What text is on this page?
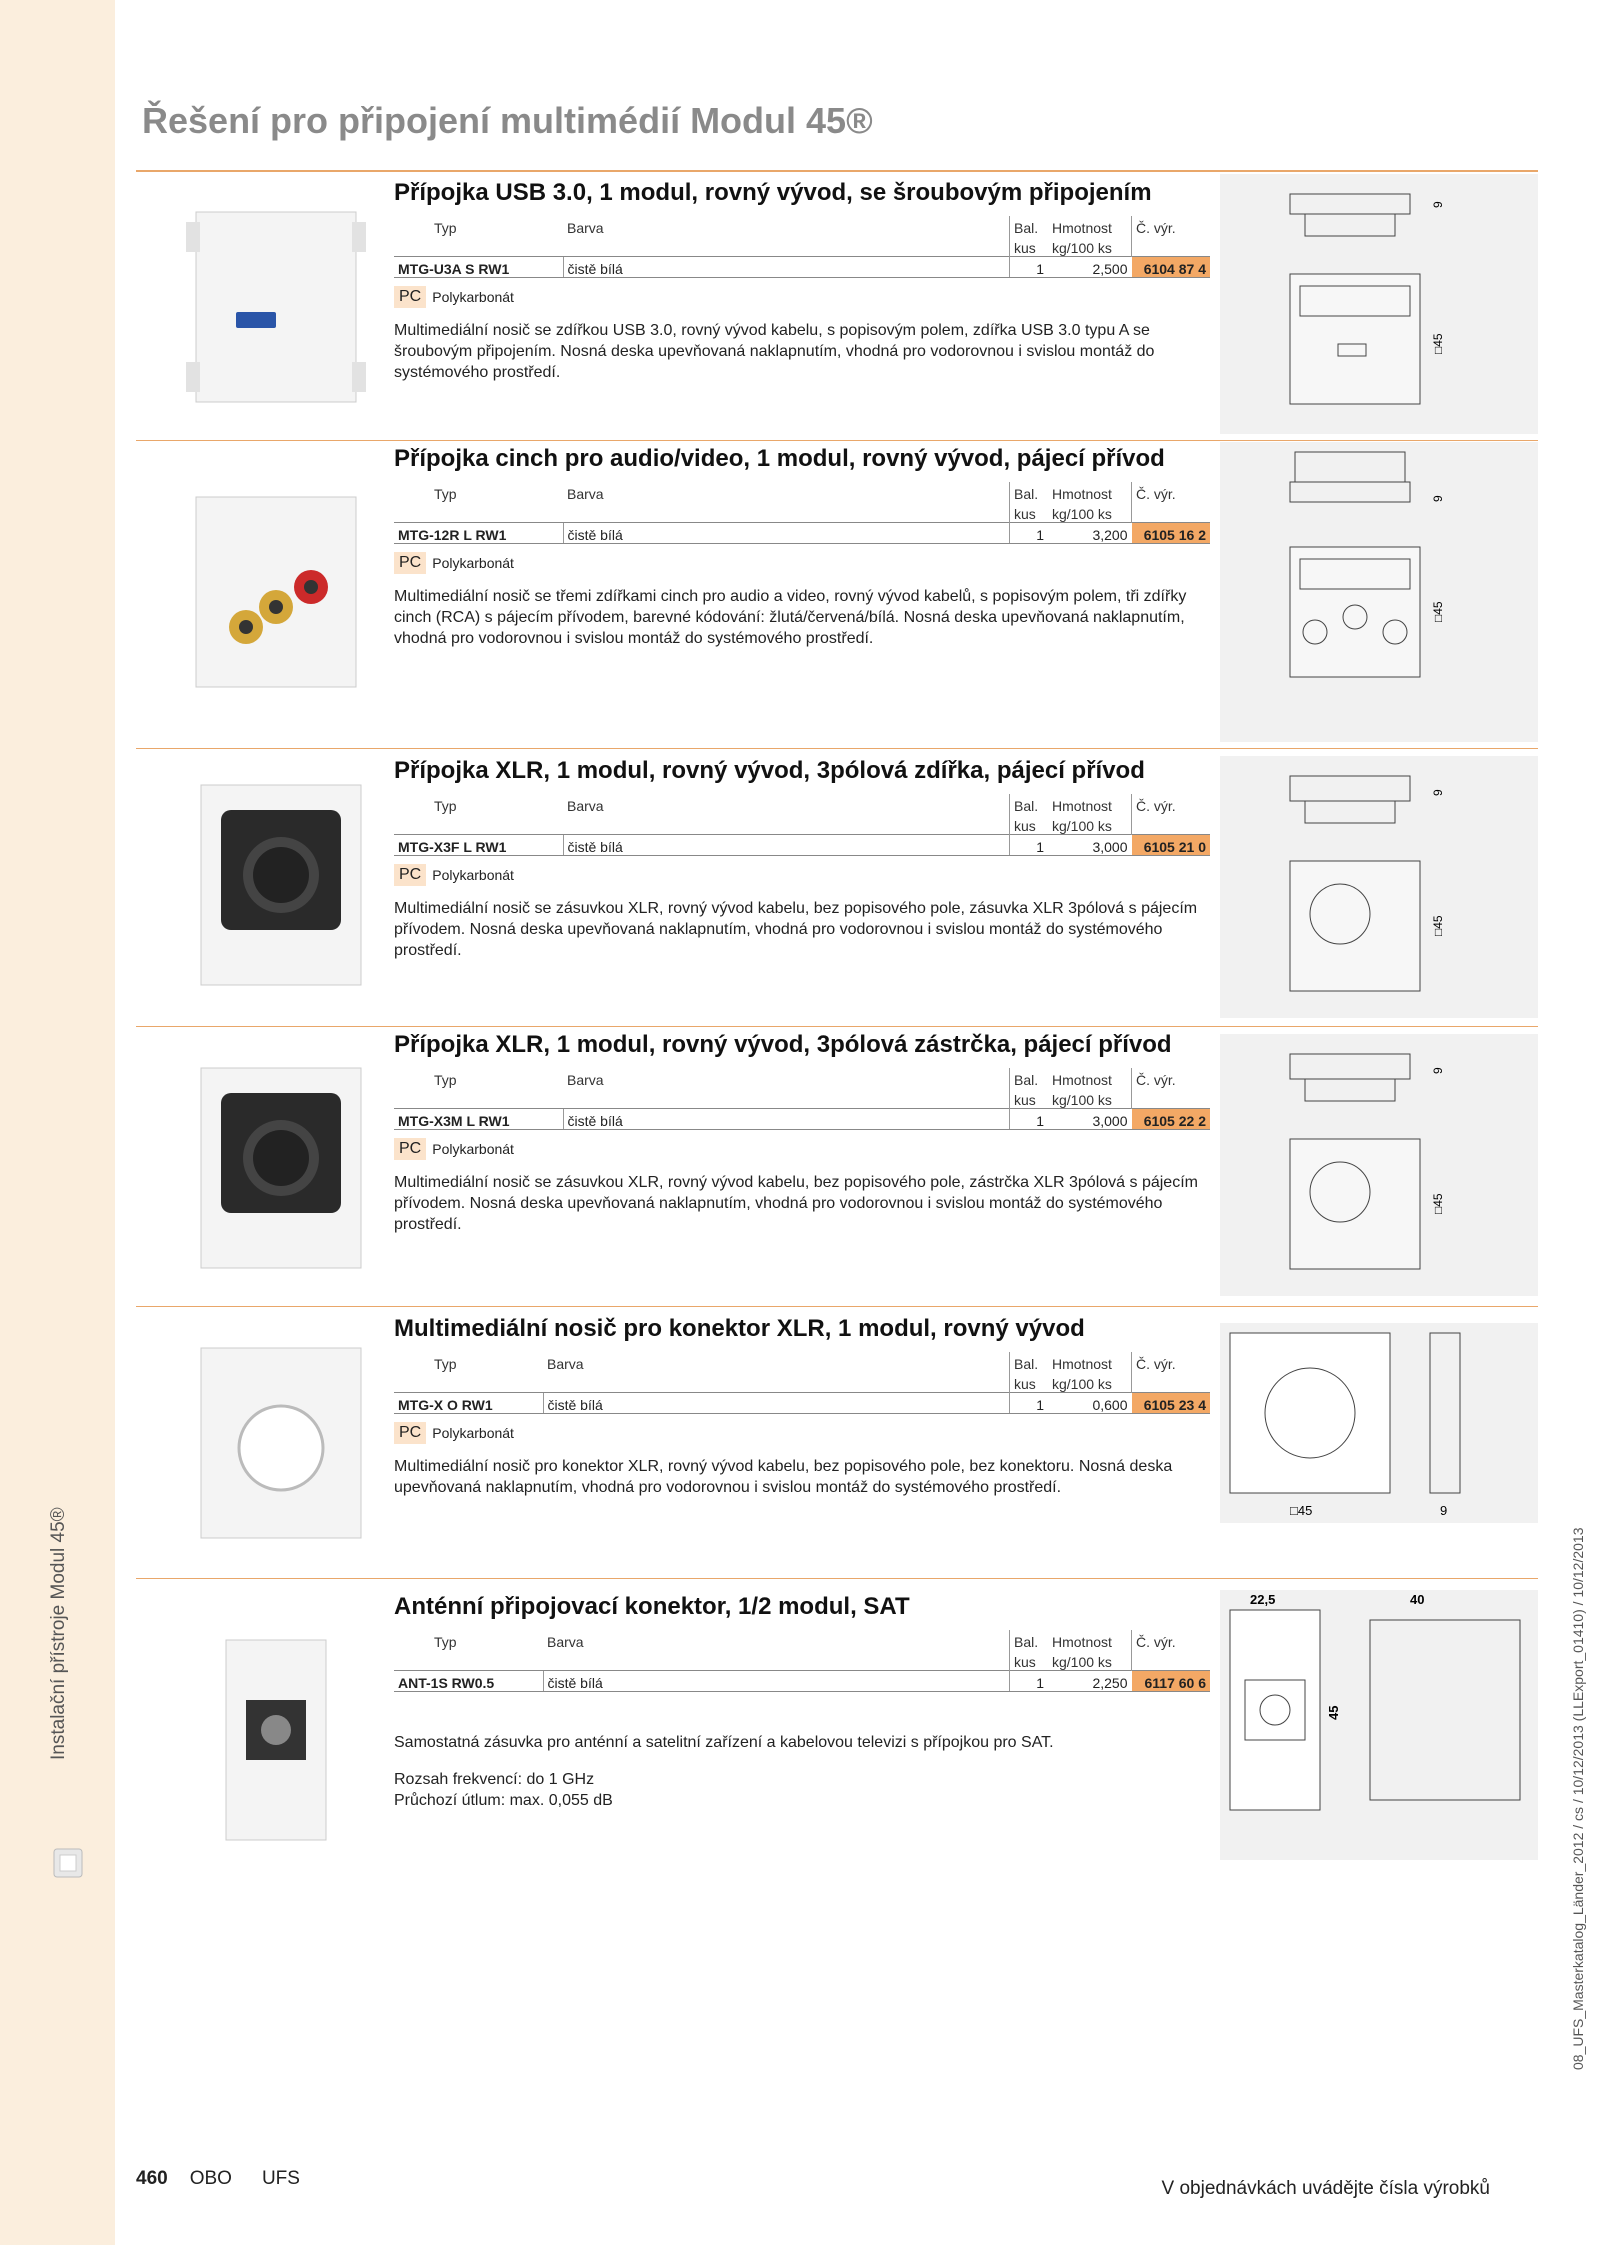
Instalační přístroje Modul 45®
Řešení pro připojení multimédií Modul 45®
Přípojka USB 3.0, 1 modul, rovný vývod, se šroubovým připojením
Typ	Barva		Bal.	Hmotnost	Č. výr.
			kus	kg/100 ks	
MTG-U3A S RW1	čistě bílá		1	2,500	6104 87 4
PC Polykarbonát
Multimediální nosič se zdířkou USB 3.0, rovný vývod kabelu, s popisovým polem, zdířka USB 3.0 typu A se šroubovým připojením. Nosná deska upevňovaná naklapnutím, vhodná pro vodorovnou i svislou montáž do systémového prostředí.
9
□45
Přípojka cinch pro audio/video, 1 modul, rovný vývod, pájecí přívod
Typ	Barva		Bal.	Hmotnost	Č. výr.
			kus	kg/100 ks	
MTG-12R L RW1	čistě bílá		1	3,200	6105 16 2
PC Polykarbonát
Multimediální nosič se třemi zdířkami cinch pro audio a video, rovný vývod kabelů, s popisovým polem, tři zdířky cinch (RCA) s pájecím přívodem, barevné kódování: žlutá/červená/bílá. Nosná deska upevňovaná naklapnutím, vhodná pro vodorovnou i svislou montáž do systémového prostředí.
9
□45
Přípojka XLR, 1 modul, rovný vývod, 3pólová zdířka, pájecí přívod
Typ	Barva		Bal.	Hmotnost	Č. výr.
			kus	kg/100 ks	
MTG-X3F L RW1	čistě bílá		1	3,000	6105 21 0
PC Polykarbonát
Multimediální nosič se zásuvkou XLR, rovný vývod kabelu, bez popisového pole, zásuvka XLR 3pólová s pájecím přívodem. Nosná deska upevňovaná naklapnutím, vhodná pro vodorovnou i svislou montáž do systémového prostředí.
9
□45
Přípojka XLR, 1 modul, rovný vývod, 3pólová zástrčka, pájecí přívod
Typ	Barva		Bal.	Hmotnost	Č. výr.
			kus	kg/100 ks	
MTG-X3M L RW1	čistě bílá		1	3,000	6105 22 2
PC Polykarbonát
Multimediální nosič se zásuvkou XLR, rovný vývod kabelu, bez popisového pole, zástrčka XLR 3pólová s pájecím přívodem. Nosná deska upevňovaná naklapnutím, vhodná pro vodorovnou i svislou montáž do systémového prostředí.
9
□45
Multimediální nosič pro konektor XLR, 1 modul, rovný vývod
Typ	Barva		Bal.	Hmotnost	Č. výr.
			kus	kg/100 ks	
MTG-X O RW1	čistě bílá		1	0,600	6105 23 4
PC Polykarbonát
Multimediální nosič pro konektor XLR, rovný vývod kabelu, bez popisového pole, bez konektoru. Nosná deska upevňovaná naklapnutím, vhodná pro vodorovnou i svislou montáž do systémového prostředí.
□45	9
Anténní připojovací konektor, 1/2 modul, SAT
Typ	Barva		Bal.	Hmotnost	Č. výr.
			kus	kg/100 ks	
ANT-1S RW0.5	čistě bílá		1	2,250	6117 60 6
Samostatná zásuvka pro anténní a satelitní zařízení a kabelovou televizi s přípojkou pro SAT.
Rozsah frekvencí: do 1 GHz
Průchozí útlum: max. 0,055 dB
22,5	40
45
460 OBO UFS	V objednávkách uvádějte čísla výrobků
08_UFS_Masterkatalog_Länder_2012 / cs / 10/12/2013 (LLExport_01410) / 10/12/2013
